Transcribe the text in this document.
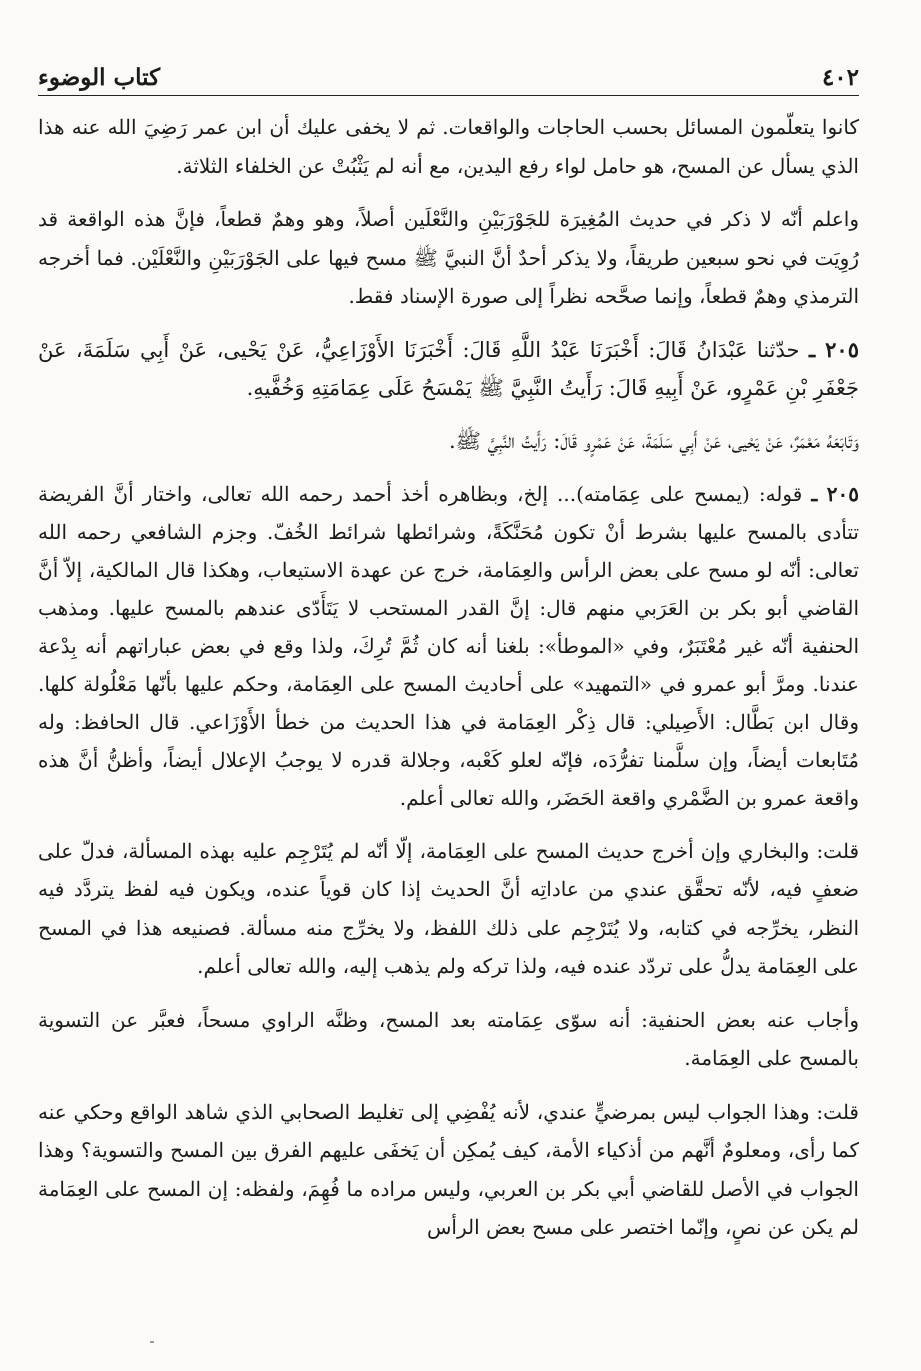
٤٠٢
كتاب الوضوء

كانوا يتعلّمون المسائل بحسب الحاجات والواقعات. ثم لا يخفى عليك أن ابن عمر رَضِيَ الله عنه هذا الذي يسأل عن المسح، هو حامل لواء رفع اليدين، مع أنه لم يَثْبُتْ عن الخلفاء الثلاثة.

واعلم أنّه لا ذكر في حديث المُغِيرَة للجَوْرَبَيْنِ والنَّعْلَين أصلاً، وهو وهمٌ قطعاً، فإنَّ هذه الواقعة قد رُوِيَت في نحو سبعين طريقاً، ولا يذكر أحدٌ أنَّ النبيَّ ﷺ مسح فيها على الجَوْرَبَيْنِ والنَّعْلَيْن. فما أخرجه الترمذي وهمٌ قطعاً، وإنما صحَّحه نظراً إلى صورة الإسناد فقط.

٢٠٥ ـ حدّثنا عَبْدَانُ قَالَ: أَخْبَرَنَا عَبْدُ اللَّهِ قَالَ: أَخْبَرَنَا الأَوْزَاعِيُّ، عَنْ يَحْيى، عَنْ أَبِي سَلَمَةَ، عَنْ جَعْفَرِ بْنِ عَمْرٍو، عَنْ أَبِيهِ قَالَ: رَأَيتُ النَّبِيَّ ﷺ يَمْسَحُ عَلَى عِمَامَتِهِ وَخُفَّيهِ.

وَتَابَعَهُ مَعْمَرٌ، عَنْ يَحْيى، عَنْ أَبِي سَلَمَةَ، عَنْ عَمْرٍو قَالَ: رَأَيتُ النَّبِيَّ ﷺ.

٢٠٥ ـ قوله: (يمسح على عِمَامته)... إلخ، وبظاهره أخذ أحمد رحمه الله تعالى، واختار أنَّ الفريضة تتأدى بالمسح عليها بشرط أنْ تكون مُحَنَّكَةً، وشرائطها شرائط الخُفّ. وجزم الشافعي رحمه الله تعالى: أنّه لو مسح على بعض الرأس والعِمَامة، خرج عن عهدة الاستيعاب، وهكذا قال المالكية، إلاّ أنَّ القاضي أبو بكر بن العَرَبي منهم قال: إنَّ القدر المستحب لا يَتَأَدّى عندهم بالمسح عليها. ومذهب الحنفية أنّه غير مُعْتَبَرٌ، وفي «الموطأ»: بلغنا أنه كان ثُمَّ تُرِكَ، ولذا وقع في بعض عباراتهم أنه بِدْعة عندنا. ومرَّ أبو عمرو في «التمهيد» على أحاديث المسح على العِمَامة، وحكم عليها بأنّها مَعْلُولة كلها. وقال ابن بَطَّال: الأَصِيلي: قال ذِكْر العِمَامة في هذا الحديث من خطأ الأَوْزَاعي. قال الحافظ: وله مُتَابعات أيضاً، وإن سلَّمنا تفرُّدَه، فإنّه لعلو كَعْبه، وجلالة قدره لا يوجبُ الإعلال أيضاً، وأظنُّ أنَّ هذه واقعة عمرو بن الضَّمْري واقعة الحَضَر، والله تعالى أعلم.

قلت: والبخاري وإن أخرج حديث المسح على العِمَامة، إلّا أنّه لم يُتَرْجِم عليه بهذه المسألة، فدلّ على ضعفٍ فيه، لأنّه تحقَّق عندي من عاداتِه أنَّ الحديث إذا كان قوياً عنده، ويكون فيه لفظ يتردَّد فيه النظر، يخرِّجه في كتابه، ولا يُتَرْجِم على ذلك اللفظ، ولا يخرِّج منه مسألة. فصنيعه هذا في المسح على العِمَامة يدلُّ على تردّد عنده فيه، ولذا تركه ولم يذهب إليه، والله تعالى أعلم.

وأجاب عنه بعض الحنفية: أنه سوّى عِمَامته بعد المسح، وظنَّه الراوي مسحاً، فعبَّر عن التسوية بالمسح على العِمَامة.

قلت: وهذا الجواب ليس بمرضيٍّ عندي، لأنه يُفْضِي إلى تغليط الصحابي الذي شاهد الواقع وحكي عنه كما رأى، ومعلومٌ أنَّهم من أذكياء الأمة، كيف يُمكِن أن يَخفَى عليهم الفرق بين المسح والتسوية؟ وهذا الجواب في الأصل للقاضي أبي بكر بن العربي، وليس مراده ما فُهِمَ، ولفظه: إن المسح على العِمَامة لم يكن عن نصٍ، وإنّما اختصر على مسح بعض الرأس
